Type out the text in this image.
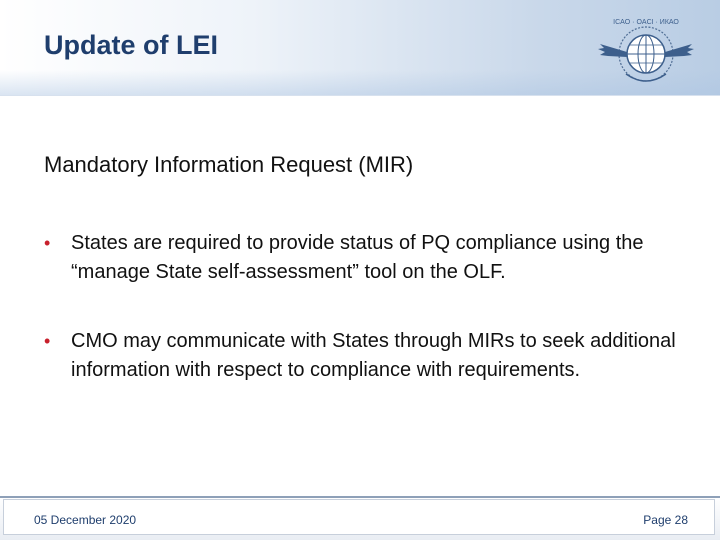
Update of LEI
ICAO · OACI · ИКАО
Mandatory Information Request (MIR)
• States are required to provide status of PQ compliance using the “manage State self-assessment” tool on the OLF.
• CMO may communicate with States through MIRs to seek additional information with respect to compliance with requirements.
05 December 2020	Page 28
